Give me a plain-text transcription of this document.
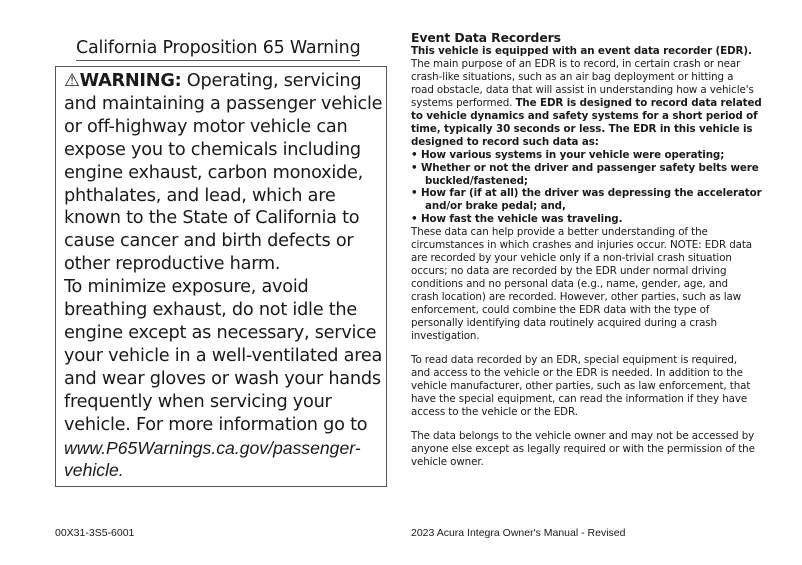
California Proposition 65 Warning
⚠WARNING: Operating, servicing
and maintaining a passenger vehicle
or off-highway motor vehicle can
expose you to chemicals including
engine exhaust, carbon monoxide,
phthalates, and lead, which are
known to the State of California to
cause cancer and birth defects or
other reproductive harm.
To minimize exposure, avoid
breathing exhaust, do not idle the
engine except as necessary, service
your vehicle in a well-ventilated area
and wear gloves or wash your hands
frequently when servicing your
vehicle. For more information go to
www.P65Warnings.ca.gov/passenger-
vehicle.
Event Data Recorders
This vehicle is equipped with an event data recorder (EDR).
The main purpose of an EDR is to record, in certain crash or near
crash-like situations, such as an air bag deployment or hitting a
road obstacle, data that will assist in understanding how a vehicle's
systems performed. The EDR is designed to record data related
to vehicle dynamics and safety systems for a short period of
time, typically 30 seconds or less. The EDR in this vehicle is
designed to record such data as:
• How various systems in your vehicle were operating;
• Whether or not the driver and passenger safety belts were
buckled/fastened;
• How far (if at all) the driver was depressing the accelerator
and/or brake pedal; and,
• How fast the vehicle was traveling.
These data can help provide a better understanding of the
circumstances in which crashes and injuries occur. NOTE: EDR data
are recorded by your vehicle only if a non-trivial crash situation
occurs; no data are recorded by the EDR under normal driving
conditions and no personal data (e.g., name, gender, age, and
crash location) are recorded. However, other parties, such as law
enforcement, could combine the EDR data with the type of
personally identifying data routinely acquired during a crash
investigation.
To read data recorded by an EDR, special equipment is required,
and access to the vehicle or the EDR is needed. In addition to the
vehicle manufacturer, other parties, such as law enforcement, that
have the special equipment, can read the information if they have
access to the vehicle or the EDR.
The data belongs to the vehicle owner and may not be accessed by
anyone else except as legally required or with the permission of the
vehicle owner.
00X31-3S5-6001	2023 Acura Integra Owner's Manual - Revised
